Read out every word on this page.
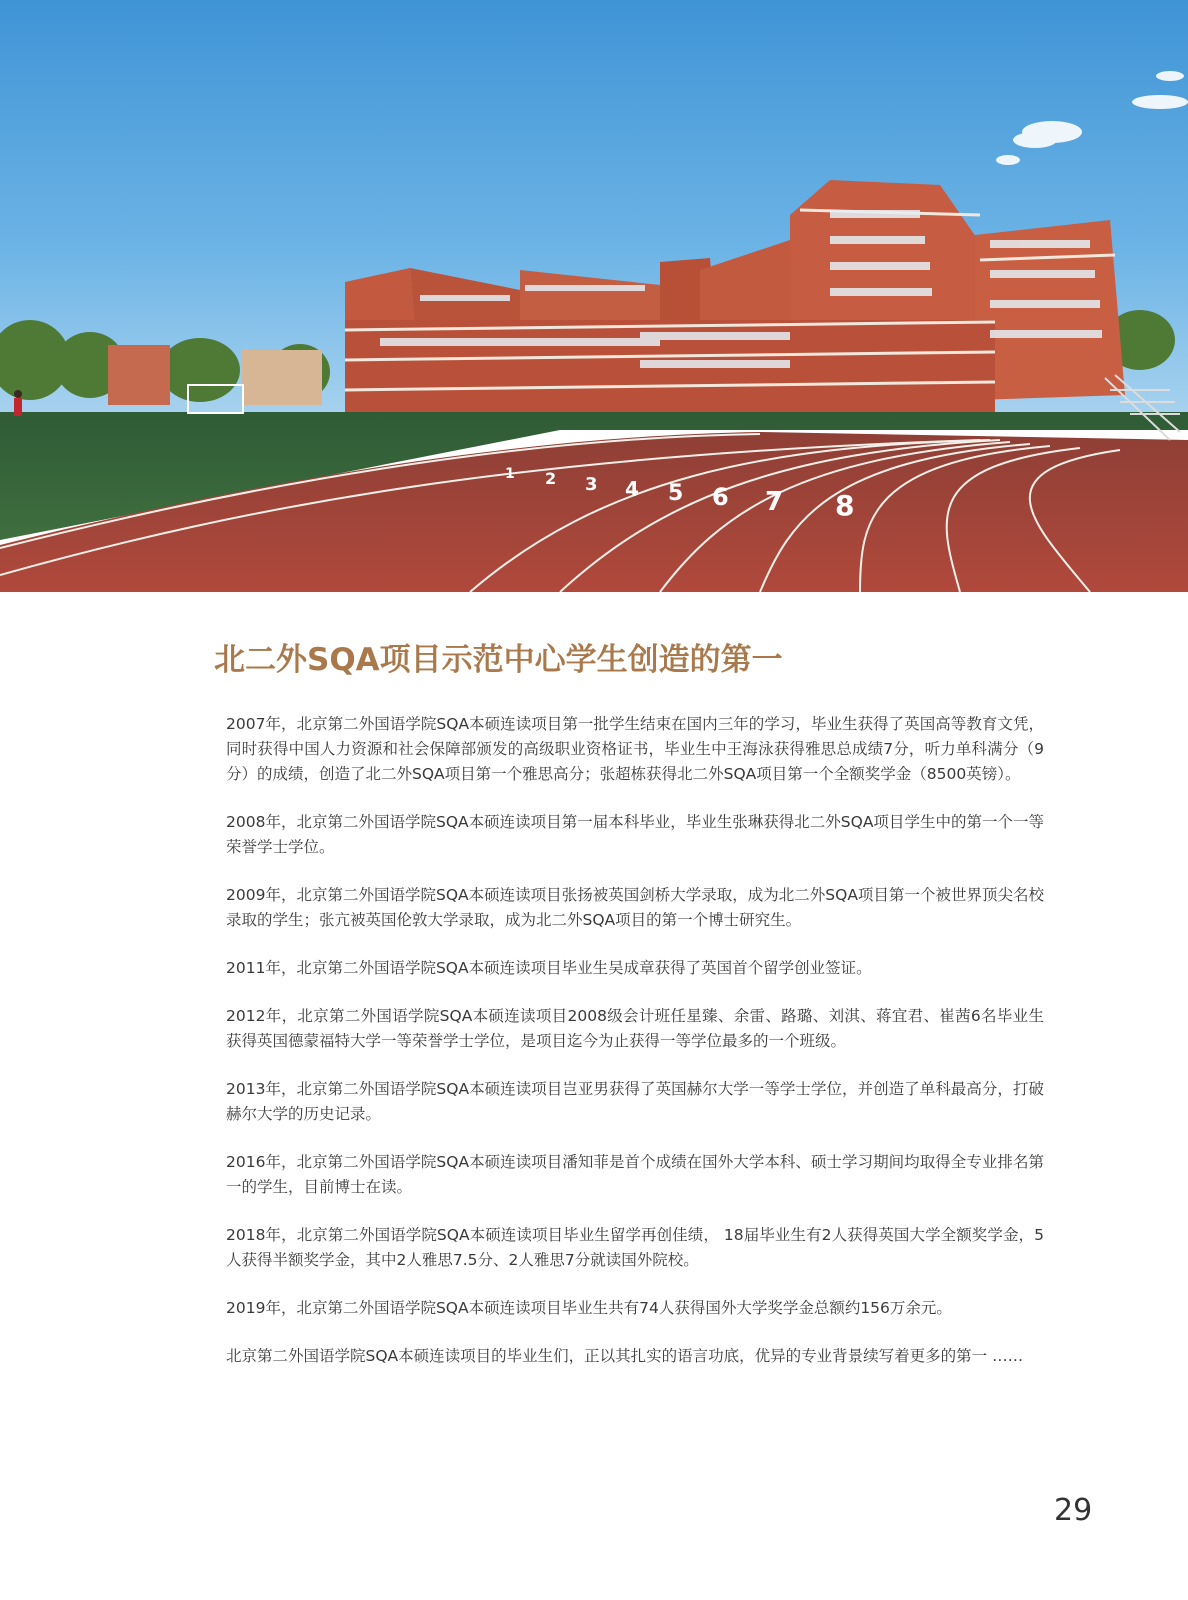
1 2 3 4 5 6 7 8
北二外SQA项目示范中心学生创造的第一

2007年，北京第二外国语学院SQA本硕连读项目第一批学生结束在国内三年的学习，毕业生获得了英国高等教育文凭，同时获得中国人力资源和社会保障部颁发的高级职业资格证书，毕业生中王海泳获得雅思总成绩7分，听力单科满分（9分）的成绩，创造了北二外SQA项目第一个雅思高分；张超栋获得北二外SQA项目第一个全额奖学金（8500英镑）。

2008年，北京第二外国语学院SQA本硕连读项目第一届本科毕业，毕业生张琳获得北二外SQA项目学生中的第一个一等荣誉学士学位。

2009年，北京第二外国语学院SQA本硕连读项目张扬被英国剑桥大学录取，成为北二外SQA项目第一个被世界顶尖名校录取的学生；张亢被英国伦敦大学录取，成为北二外SQA项目的第一个博士研究生。

2011年，北京第二外国语学院SQA本硕连读项目毕业生吴成章获得了英国首个留学创业签证。

2012年，北京第二外国语学院SQA本硕连读项目2008级会计班任星臻、余雷、路璐、刘淇、蒋宜君、崔茜6名毕业生获得英国德蒙福特大学一等荣誉学士学位，是项目迄今为止获得一等学位最多的一个班级。

2013年，北京第二外国语学院SQA本硕连读项目岂亚男获得了英国赫尔大学一等学士学位，并创造了单科最高分，打破赫尔大学的历史记录。

2016年，北京第二外国语学院SQA本硕连读项目潘知菲是首个成绩在国外大学本科、硕士学习期间均取得全专业排名第一的学生，目前博士在读。

2018年，北京第二外国语学院SQA本硕连读项目毕业生留学再创佳绩， 18届毕业生有2人获得英国大学全额奖学金，5人获得半额奖学金，其中2人雅思7.5分、2人雅思7分就读国外院校。

2019年，北京第二外国语学院SQA本硕连读项目毕业生共有74人获得国外大学奖学金总额约156万余元。

北京第二外国语学院SQA本硕连读项目的毕业生们，正以其扎实的语言功底，优异的专业背景续写着更多的第一 ……

29
